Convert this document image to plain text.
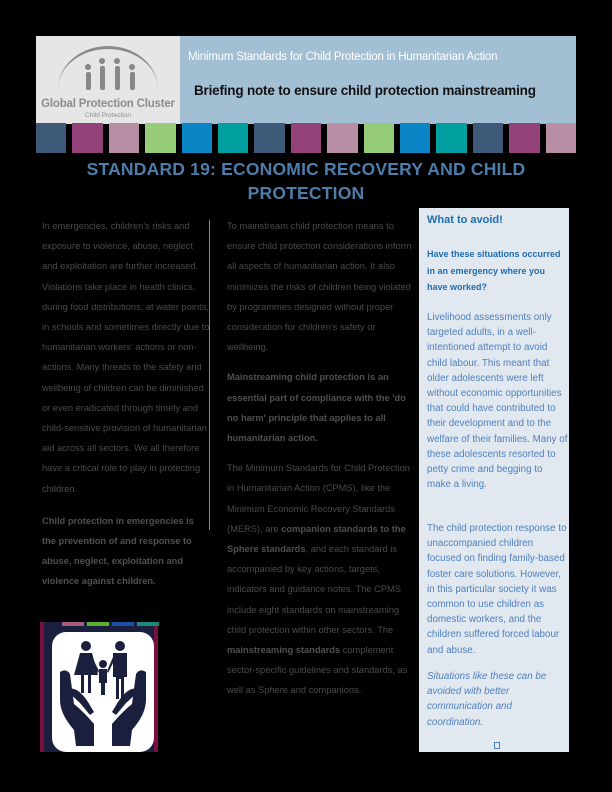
Global Protection Cluster
Child Protection
Minimum Standards for Child Protection in Humanitarian Action
Briefing note to ensure child protection mainstreaming
STANDARD 19: ECONOMIC RECOVERY AND CHILD
PROTECTION

In emergencies, children's risks and exposure to violence, abuse, neglect and exploitation are further increased. Violations take place in health clinics, during food distributions, at water points, in schools and sometimes directly due to humanitarian workers' actions or non-actions. Many threats to the safety and wellbeing of children can be diminished or even eradicated through timely and child-sensitive provision of humanitarian aid across all sectors. We all therefore have a critical role to play in protecting children.

Child protection in emergencies is the prevention of and response to abuse, neglect, exploitation and violence against children.

To mainstream child protection means to ensure child protection considerations inform all aspects of humanitarian action. It also minimizes the risks of children being violated by programmes designed without proper consideration for children's safety or wellbeing.

Mainstreaming child protection is an essential part of compliance with the 'do no harm' principle that applies to all humanitarian action.

The Minimum Standards for Child Protection in Humanitarian Action (CPMS), like the Minimum Economic Recovery Standards (MERS), are companion standards to the Sphere standards, and each standard is accompanied by key actions, targets, indicators and guidance notes. The CPMS include eight standards on mainstreaming child protection within other sectors. The mainstreaming standards complement sector-specific guidelines and standards, as well as Sphere and companions.

What to avoid!
Have these situations occurred in an emergency where you have worked?
Livelihood assessments only targeted adults, in a well-intentioned attempt to avoid child labour. This meant that older adolescents were left without economic opportunities that could have contributed to their development and to the welfare of their families. Many of these adolescents resorted to petty crime and begging to make a living.
The child protection response to unaccompanied children focused on finding family-based foster care solutions. However, in this particular society it was common to use children as domestic workers, and the children suffered forced labour and abuse.
Situations like these can be avoided with better communication and coordination.
